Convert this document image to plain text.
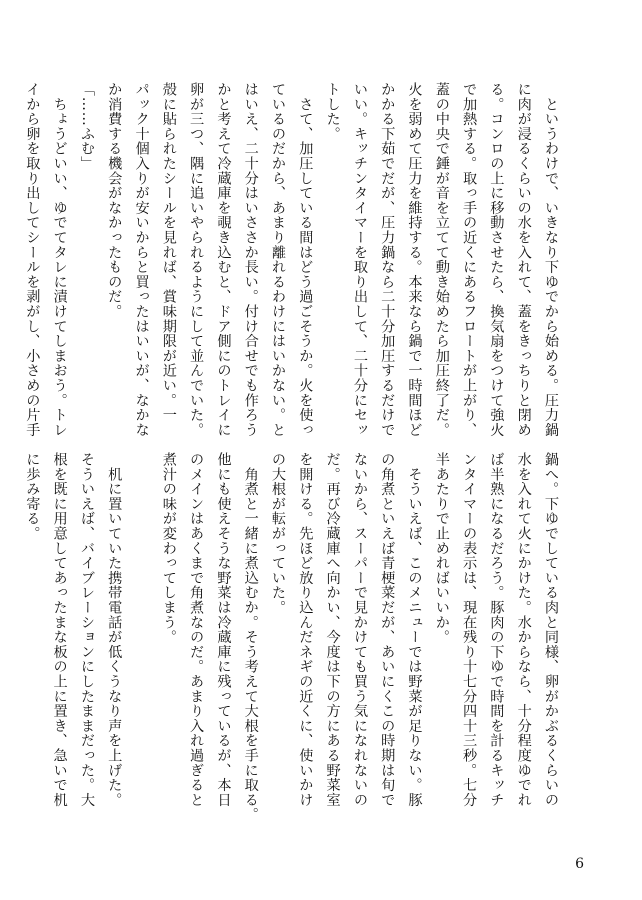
　というわけで、いきなり下ゆでから始める。圧力鍋
に肉が浸るくらいの水を入れて、蓋をきっちりと閉め
る。コンロの上に移動させたら、換気扇をつけて強火
で加熱する。取っ手の近くにあるフロートが上がり、
蓋の中央で錘が音を立てて動き始めたら加圧終了だ。
火を弱めて圧力を維持する。本来なら鍋で一時間ほど
かかる下茹でだが、圧力鍋なら二十分加圧するだけで
いい。キッチンタイマーを取り出して、二十分にセッ
トした。
　さて、加圧している間はどう過ごそうか。火を使っ
ているのだから、あまり離れるわけにはいかない。と
はいえ、二十分はいささか長い。付け合せでも作ろう
かと考えて冷蔵庫を覗き込むと、ドア側にのトレイに
卵が三つ、隅に追いやられるようにして並んでいた。
殻に貼られたシールを見れば、賞味期限が近い。一
パック十個入りが安いからと買ったはいいが、なかな
か消費する機会がなかったものだ。
「……ふむ」
　ちょうどいい、ゆでてタレに漬けてしまおう。トレ
イから卵を取り出してシールを剥がし、小さめの片手
鍋へ。下ゆでしている肉と同様、卵がかぶるくらいの
水を入れて火にかけた。水からなら、十分程度ゆでれ
ば半熟になるだろう。豚肉の下ゆで時間を計るキッチ
ンタイマーの表示は、現在残り十七分四十三秒。七分
半あたりで止めればいいか。
　そういえば、このメニューでは野菜が足りない。豚
の角煮といえば青梗菜だが、あいにくこの時期は旬で
ないから、スーパーで見かけても買う気になれないの
だ。再び冷蔵庫へ向かい、今度は下の方にある野菜室
を開ける。先ほど放り込んだネギの近くに、使いかけ
の大根が転がっていた。
　角煮と一緒に煮込むか。そう考えて大根を手に取る。
他にも使えそうな野菜は冷蔵庫に残っているが、本日
のメインはあくまで角煮なのだ。あまり入れ過ぎると
煮汁の味が変わってしまう。

　机に置いていた携帯電話が低くうなり声を上げた。
そういえば、バイブレーションにしたままだった。大
根を既に用意してあったまな板の上に置き、急いで机
に歩み寄る。
6
